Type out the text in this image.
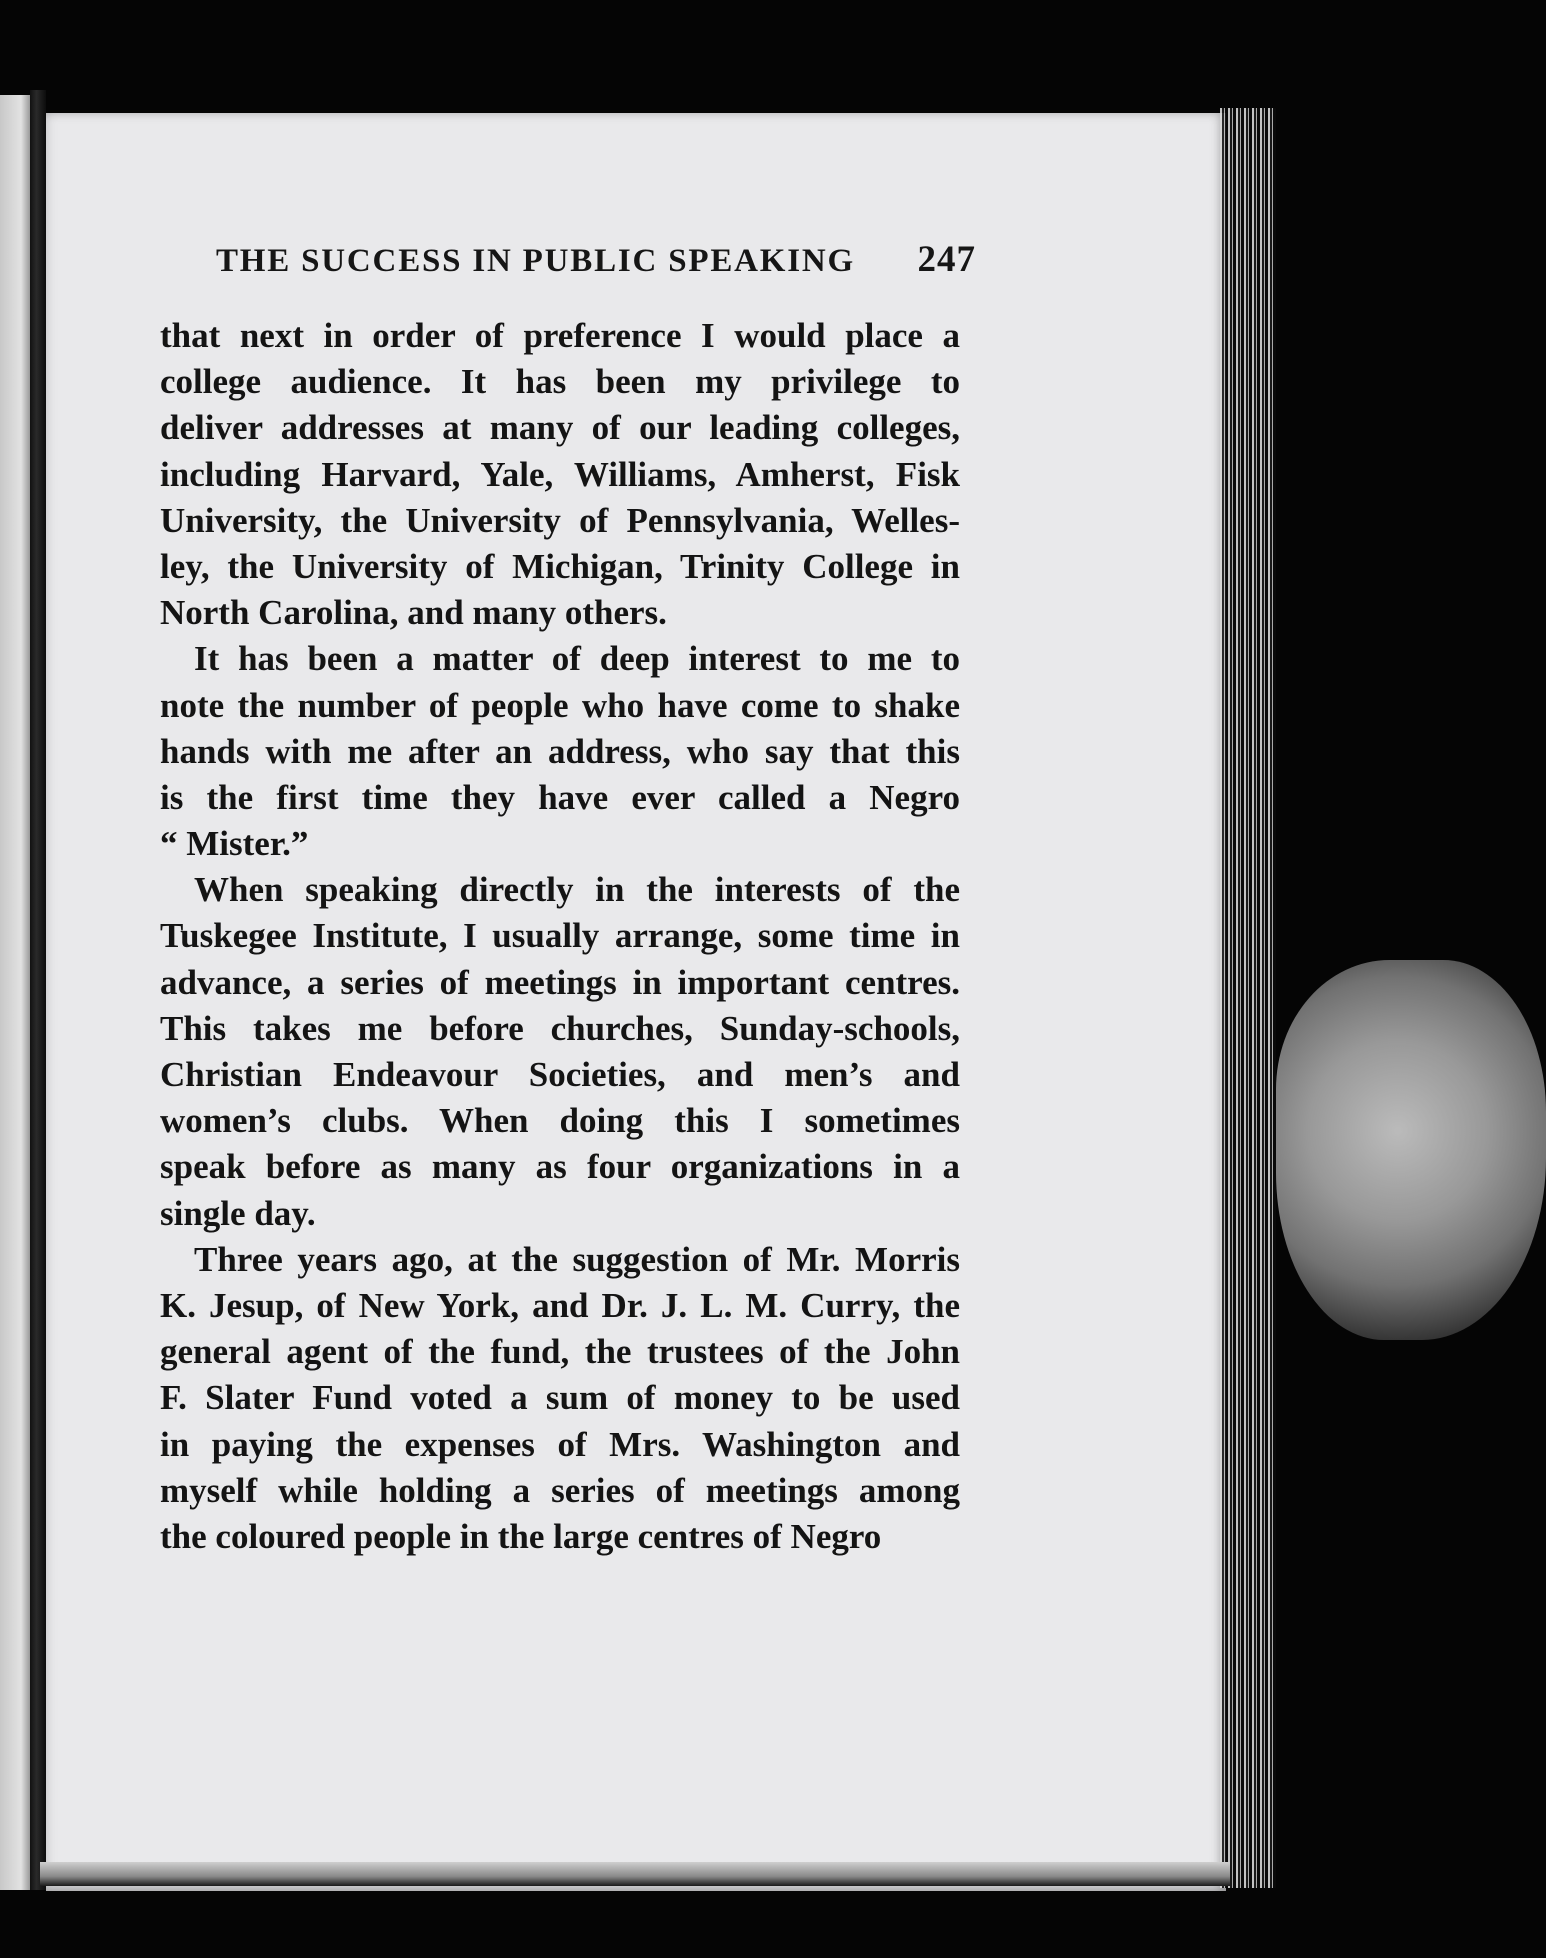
THE SUCCESS IN PUBLIC SPEAKING 247
that next in order of preference I would place a
college audience. It has been my privilege to
deliver addresses at many of our leading colleges,
including Harvard, Yale, Williams, Amherst, Fisk
University, the University of Pennsylvania, Welles-
ley, the University of Michigan, Trinity College in
North Carolina, and many others.
It has been a matter of deep interest to me to
note the number of people who have come to shake
hands with me after an address, who say that this
is the first time they have ever called a Negro
“ Mister.”
When speaking directly in the interests of the
Tuskegee Institute, I usually arrange, some time in
advance, a series of meetings in important centres.
This takes me before churches, Sunday-schools,
Christian Endeavour Societies, and men’s and
women’s clubs. When doing this I sometimes
speak before as many as four organizations in a
single day.
Three years ago, at the suggestion of Mr. Morris
K. Jesup, of New York, and Dr. J. L. M. Curry, the
general agent of the fund, the trustees of the John
F. Slater Fund voted a sum of money to be used
in paying the expenses of Mrs. Washington and
myself while holding a series of meetings among
the coloured people in the large centres of Negro
